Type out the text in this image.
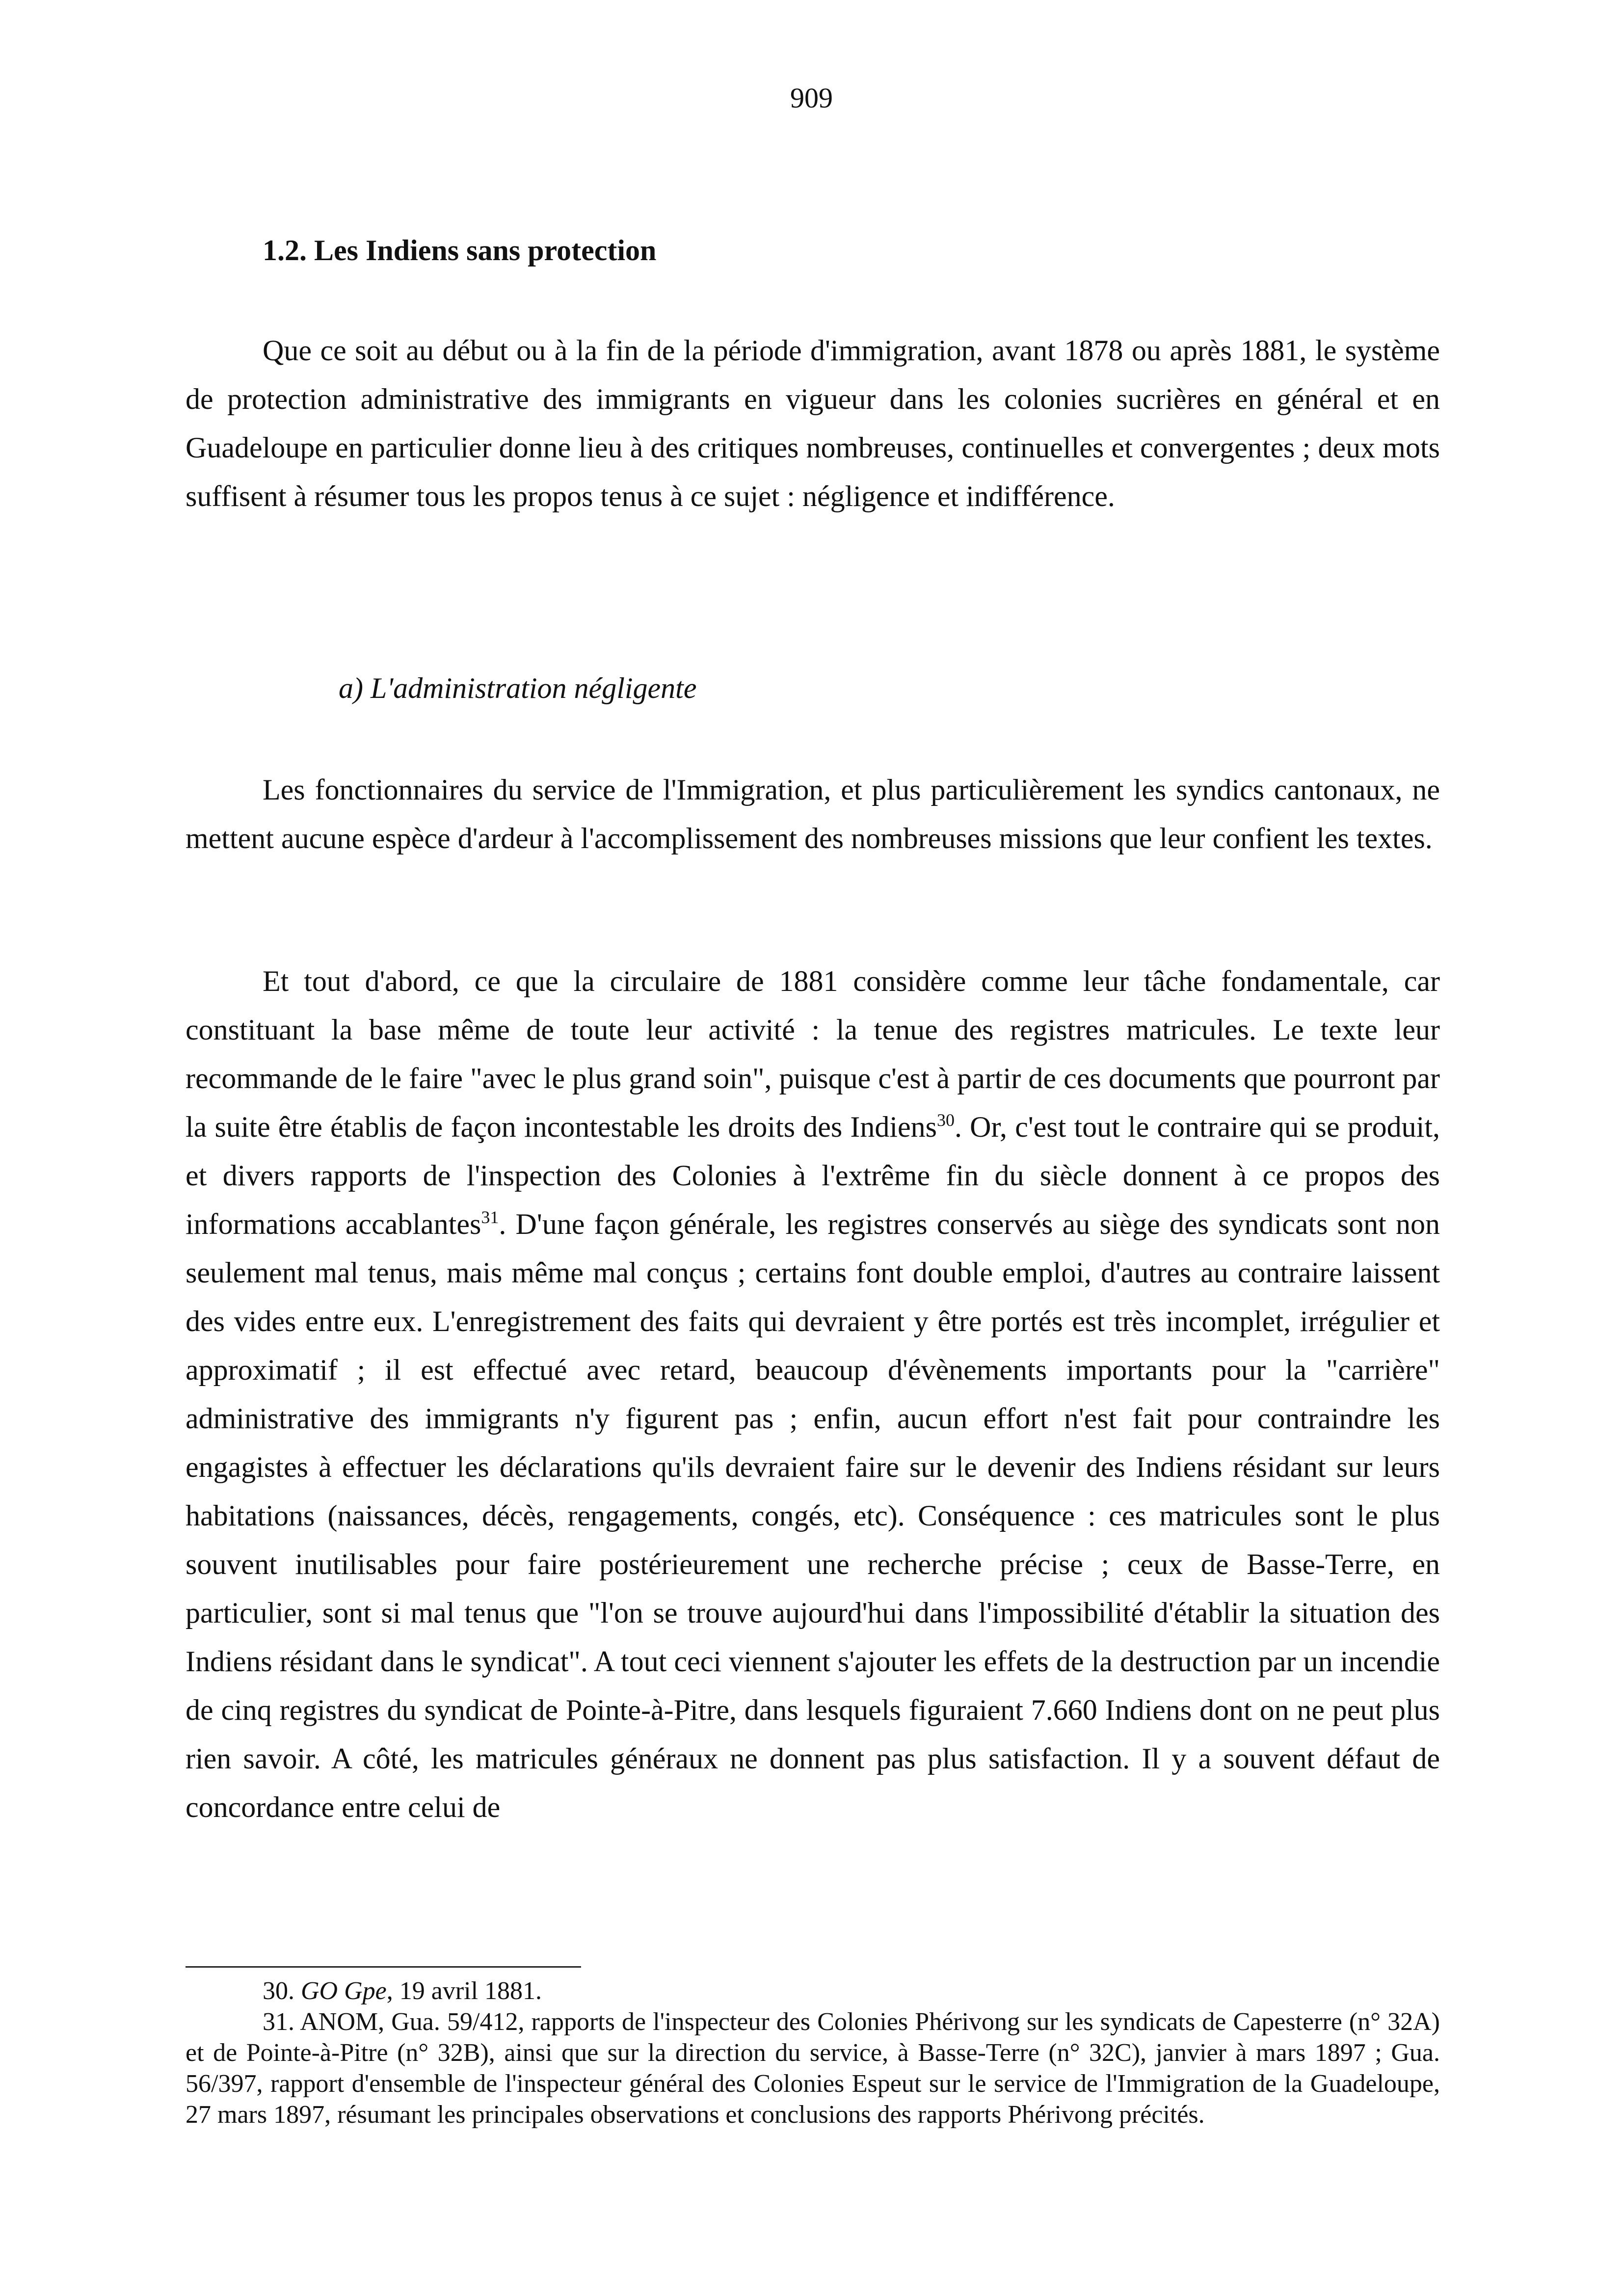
909
1.2. Les Indiens sans protection

Que ce soit au début ou à la fin de la période d'immigration, avant 1878 ou après 1881, le système de protection administrative des immigrants en vigueur dans les colonies sucrières en général et en Guadeloupe en particulier donne lieu à des critiques nombreuses, continuelles et convergentes ; deux mots suffisent à résumer tous les propos tenus à ce sujet : négligence et indifférence.

a) L'administration négligente

Les fonctionnaires du service de l'Immigration, et plus particulièrement les syndics cantonaux, ne mettent aucune espèce d'ardeur à l'accomplissement des nombreuses missions que leur confient les textes.

Et tout d'abord, ce que la circulaire de 1881 considère comme leur tâche fondamentale, car constituant la base même de toute leur activité : la tenue des registres matricules. Le texte leur recommande de le faire "avec le plus grand soin", puisque c'est à partir de ces documents que pourront par la suite être établis de façon incontestable les droits des Indiens$^{30}$. Or, c'est tout le contraire qui se produit, et divers rapports de l'inspection des Colonies à l'extrême fin du siècle donnent à ce propos des informations accablantes$^{31}$. D'une façon générale, les registres conservés au siège des syndicats sont non seulement mal tenus, mais même mal conçus ; certains font double emploi, d'autres au contraire laissent des vides entre eux. L'enregistrement des faits qui devraient y être portés est très incomplet, irrégulier et approximatif ; il est effectué avec retard, beaucoup d'évènements importants pour la "carrière" administrative des immigrants n'y figurent pas ; enfin, aucun effort n'est fait pour contraindre les engagistes à effectuer les déclarations qu'ils devraient faire sur le devenir des Indiens résidant sur leurs habitations (naissances, décès, rengagements, congés, etc). Conséquence : ces matricules sont le plus souvent inutilisables pour faire postérieurement une recherche précise ; ceux de Basse-Terre, en particulier, sont si mal tenus que "l'on se trouve aujourd'hui dans l'impossibilité d'établir la situation des Indiens résidant dans le syndicat". A tout ceci viennent s'ajouter les effets de la destruction par un incendie de cinq registres du syndicat de Pointe-à-Pitre, dans lesquels figuraient 7.660 Indiens dont on ne peut plus rien savoir. A côté, les matricules généraux ne donnent pas plus satisfaction. Il y a souvent défaut de concordance entre celui de

30. GO Gpe, 19 avril 1881.

31. ANOM, Gua. 59/412, rapports de l'inspecteur des Colonies Phérivong sur les syndicats de Capesterre (n° 32A) et de Pointe-à-Pitre (n° 32B), ainsi que sur la direction du service, à Basse-Terre (n° 32C), janvier à mars 1897 ; Gua. 56/397, rapport d'ensemble de l'inspecteur général des Colonies Espeut sur le service de l'Immigration de la Guadeloupe, 27 mars 1897, résumant les principales observations et conclusions des rapports Phérivong précités.
